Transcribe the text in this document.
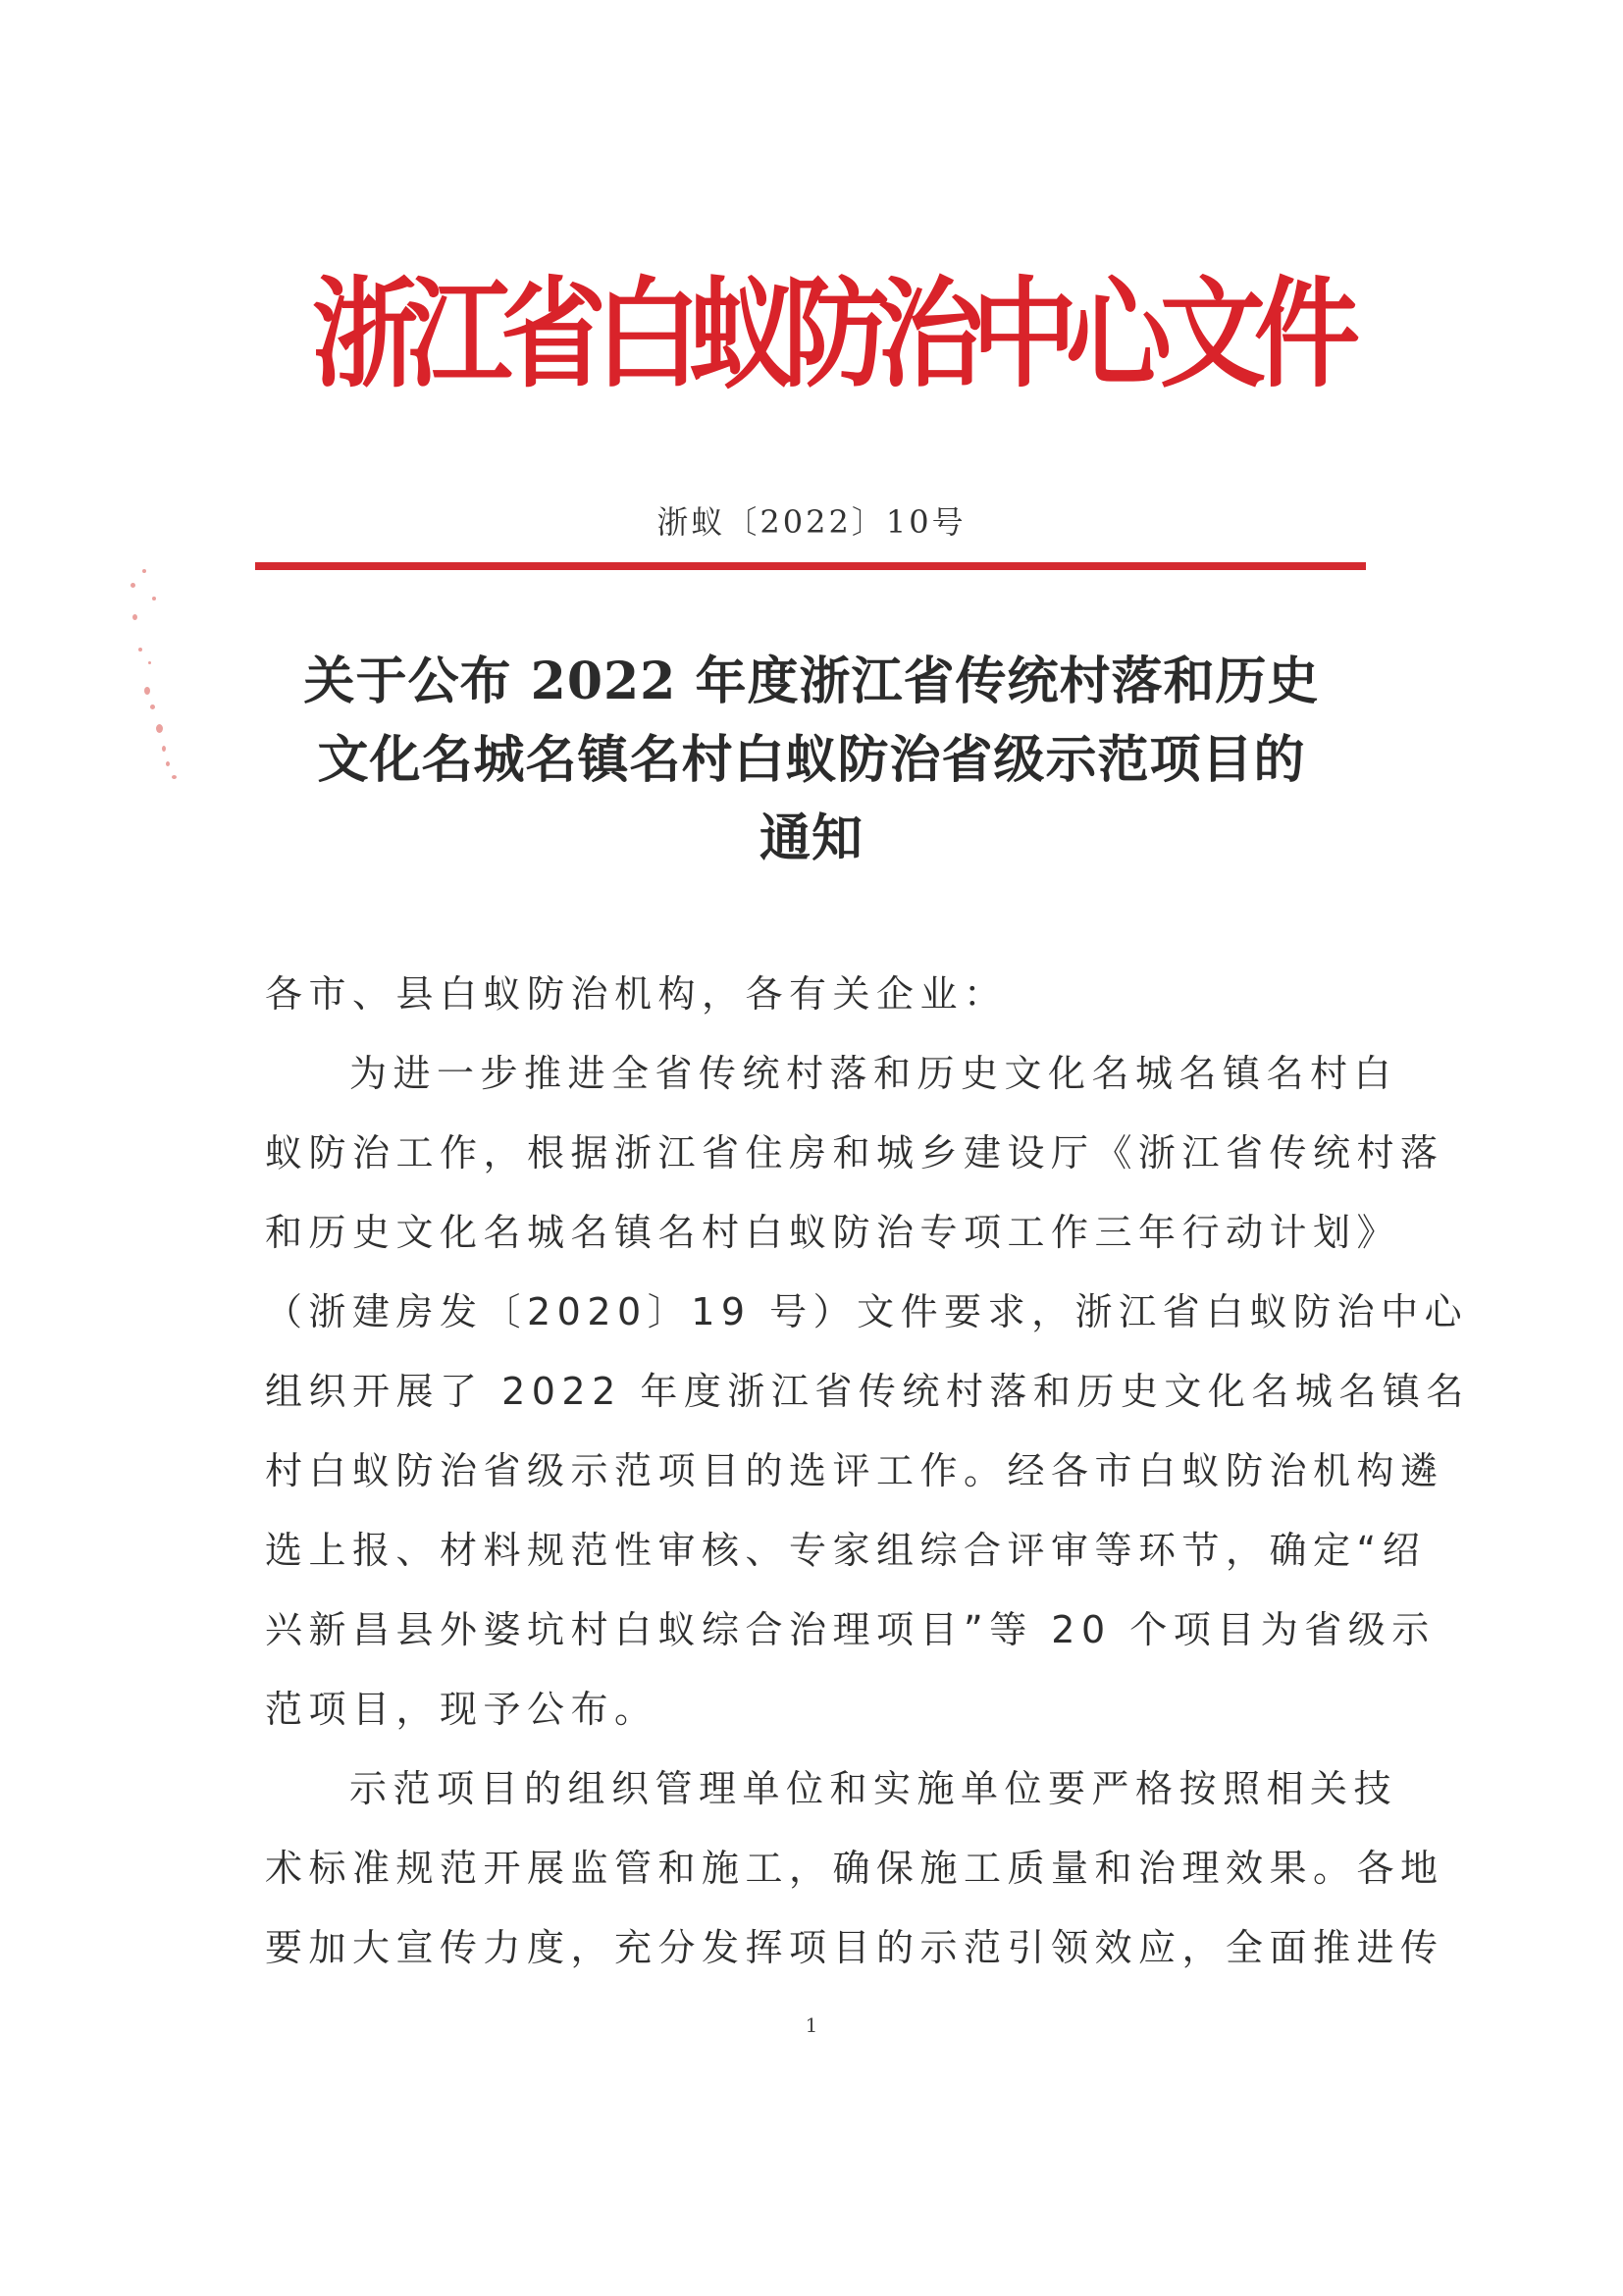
浙
江
省
白
蚁
防
治
中
心
文
件
浙蚁〔2022〕10号
关于公布 2022 年度浙江省传统村落和历史
文化名城名镇名村白蚁防治省级示范项目的
通知
各市、县白蚁防治机构，各有关企业：
为进一步推进全省传统村落和历史文化名城名镇名村白
蚁防治工作，根据浙江省住房和城乡建设厅《浙江省传统村落
和历史文化名城名镇名村白蚁防治专项工作三年行动计划》
（浙建房发〔2020〕19 号）文件要求，浙江省白蚁防治中心
组织开展了 2022 年度浙江省传统村落和历史文化名城名镇名
村白蚁防治省级示范项目的选评工作。经各市白蚁防治机构遴
选上报、材料规范性审核、专家组综合评审等环节，确定“绍
兴新昌县外婆坑村白蚁综合治理项目”等 20 个项目为省级示
范项目，现予公布。
示范项目的组织管理单位和实施单位要严格按照相关技
术标准规范开展监管和施工，确保施工质量和治理效果。各地
要加大宣传力度，充分发挥项目的示范引领效应，全面推进传
1
